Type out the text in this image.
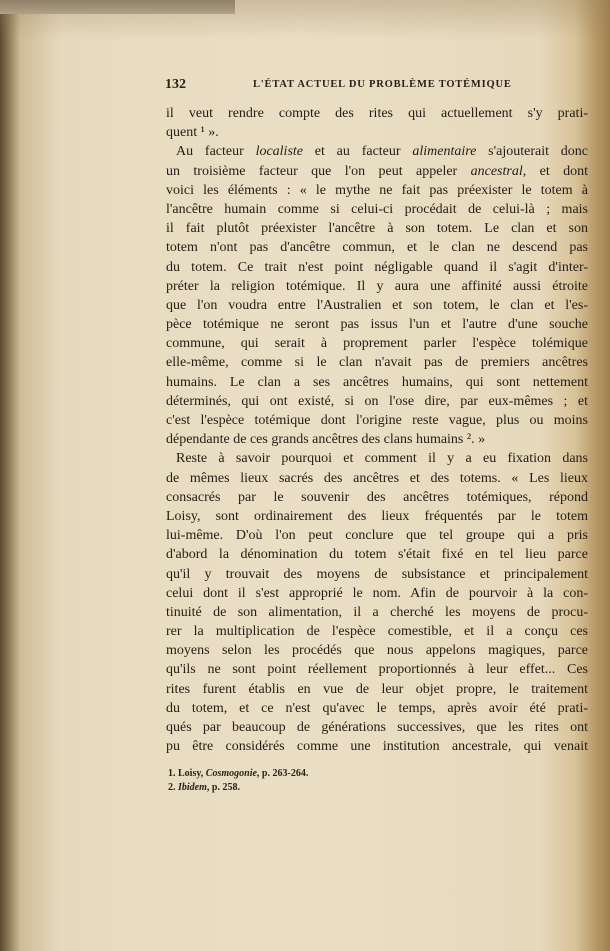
132	L'ÉTAT ACTUEL DU PROBLÈME TOTÉMIQUE
il veut rendre compte des rites qui actuellement s'y prati-
quent ¹ ».
Au facteur localiste et au facteur alimentaire s'ajouterait donc
un troisième facteur que l'on peut appeler ancestral, et dont
voici les éléments : « le mythe ne fait pas préexister le totem à
l'ancêtre humain comme si celui-ci procédait de celui-là ; mais
il fait plutôt préexister l'ancêtre à son totem. Le clan et son
totem n'ont pas d'ancêtre commun, et le clan ne descend pas
du totem. Ce trait n'est point négligable quand il s'agit d'inter-
préter la religion totémique. Il y aura une affinité aussi étroite
que l'on voudra entre l'Australien et son totem, le clan et l'es-
pèce totémique ne seront pas issus l'un et l'autre d'une souche
commune, qui serait à proprement parler l'espèce tolémique
elle-même, comme si le clan n'avait pas de premiers ancêtres
humains. Le clan a ses ancêtres humains, qui sont nettement
déterminés, qui ont existé, si on l'ose dire, par eux-mêmes ; et
c'est l'espèce totémique dont l'origine reste vague, plus ou moins
dépendante de ces grands ancêtres des clans humains ². »
Reste à savoir pourquoi et comment il y a eu fixation dans
de mêmes lieux sacrés des ancêtres et des totems. « Les lieux
consacrés par le souvenir des ancêtres totémiques, répond
Loisy, sont ordinairement des lieux fréquentés par le totem
lui-même. D'où l'on peut conclure que tel groupe qui a pris
d'abord la dénomination du totem s'était fixé en tel lieu parce
qu'il y trouvait des moyens de subsistance et principalement
celui dont il s'est approprié le nom. Afin de pourvoir à la con-
tinuité de son alimentation, il a cherché les moyens de procu-
rer la multiplication de l'espèce comestible, et il a conçu ces
moyens selon les procédés que nous appelons magiques, parce
qu'ils ne sont point réellement proportionnés à leur effet... Ces
rites furent établis en vue de leur objet propre, le traitement
du totem, et ce n'est qu'avec le temps, après avoir été prati-
qués par beaucoup de générations successives, que les rites ont
pu être considérés comme une institution ancestrale, qui venait
1. Loisy, Cosmogonie, p. 263-264.
2. Ibidem, p. 258.
